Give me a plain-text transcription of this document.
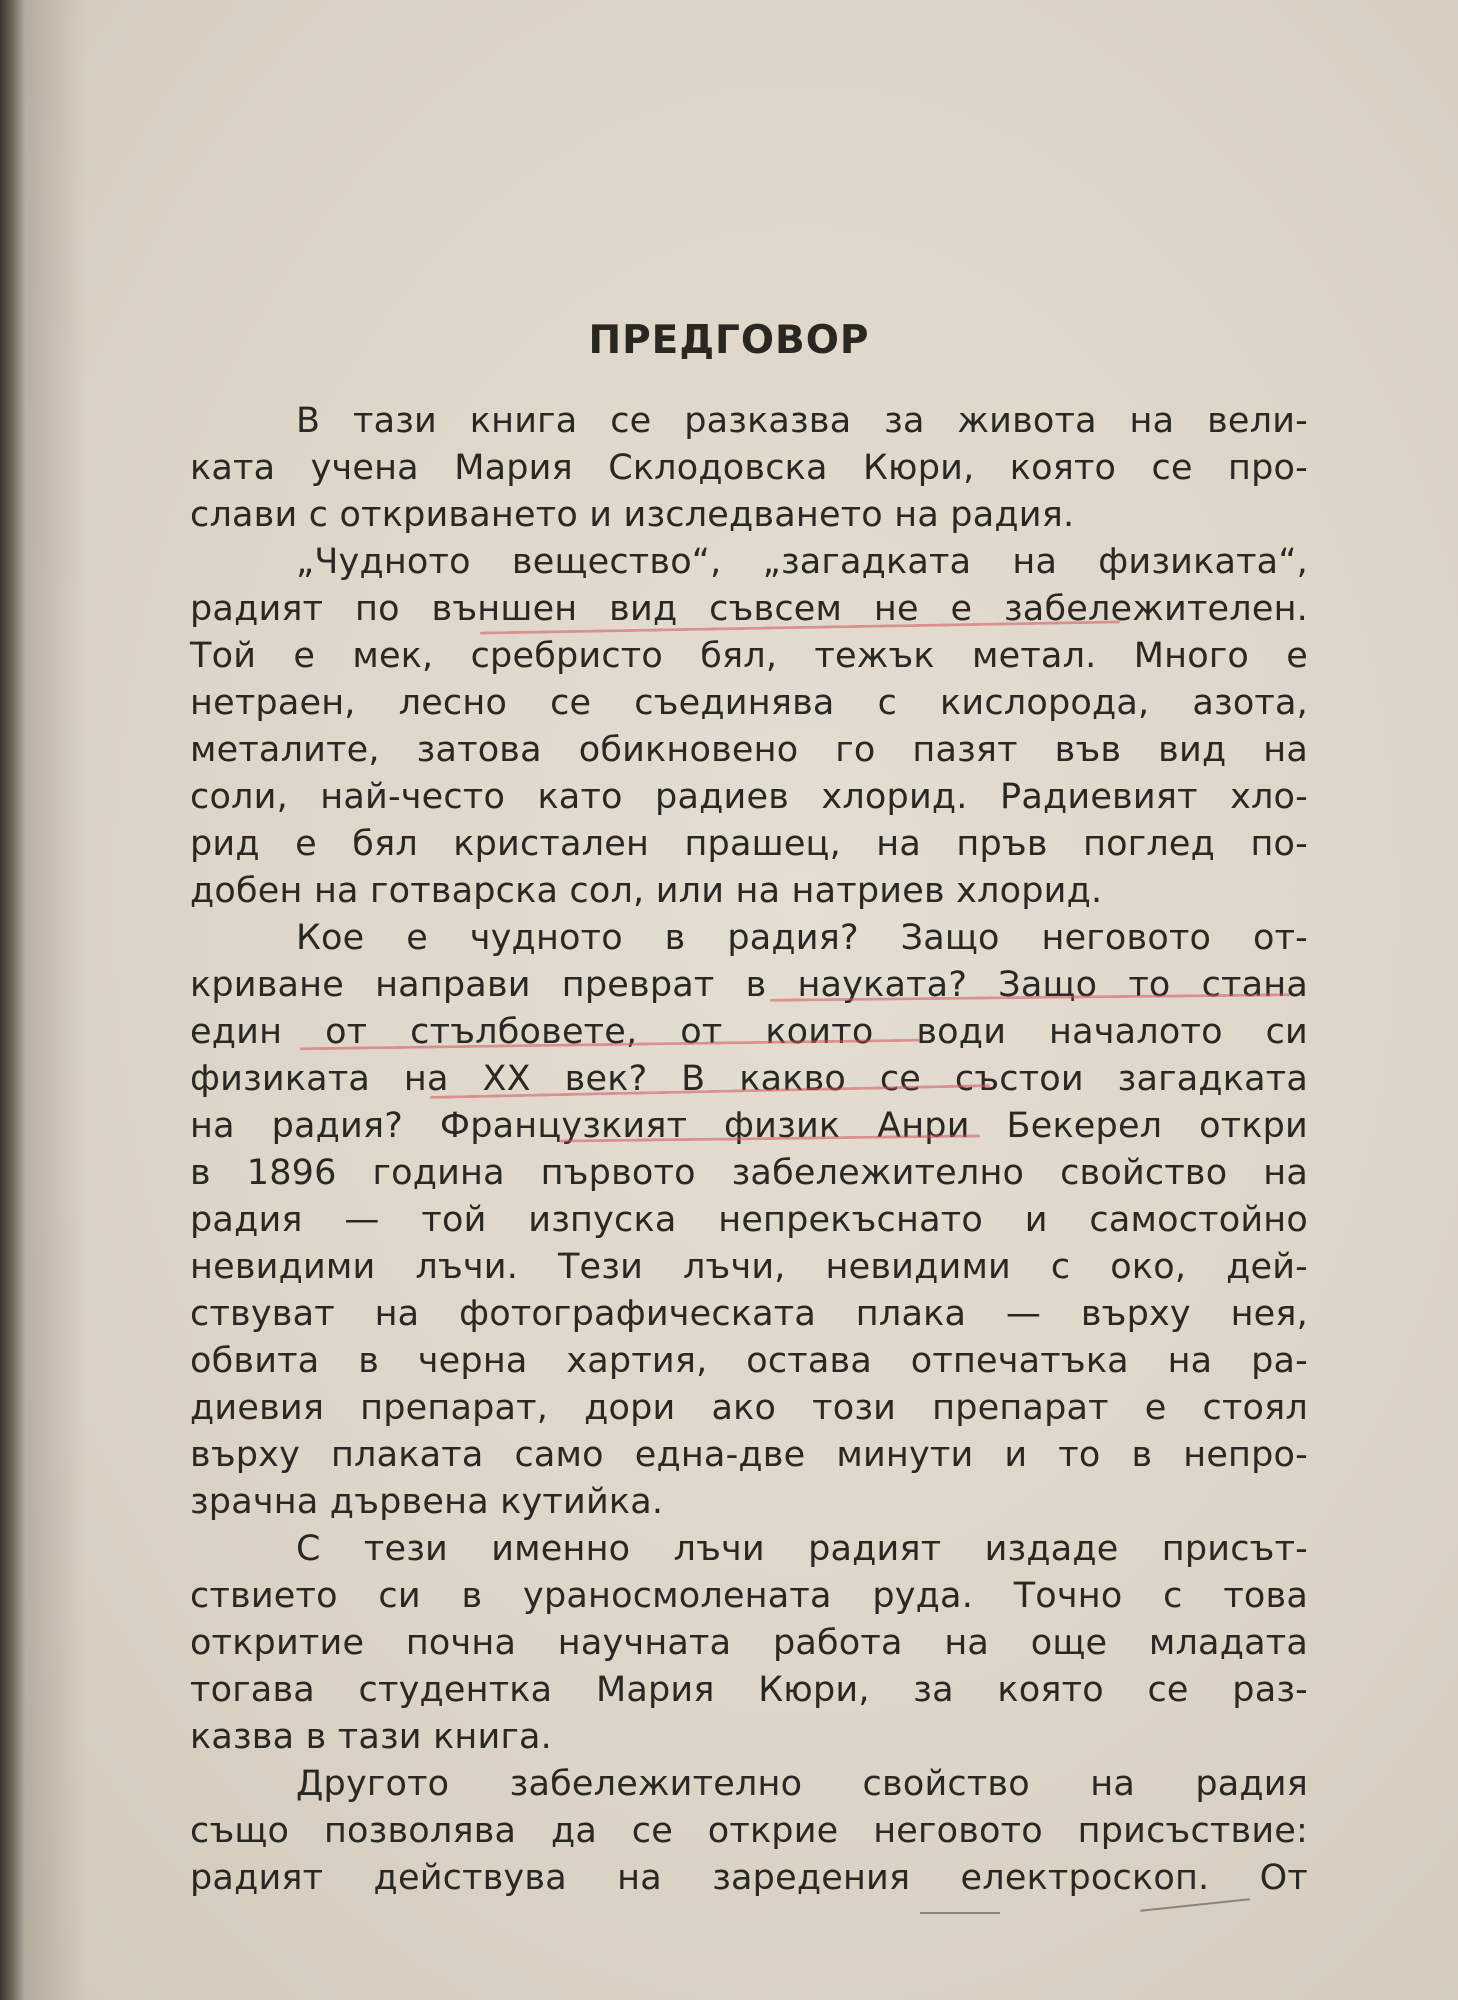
ПРЕДГОВОР
В тази книга се разказва за живота на вели-
ката учена Мария Склодовска Кюри, която се про-
слави с откриването и изследването на радия.
„Чудното вещество“, „загадката на физиката“,
радият по външен вид съвсем не е забележителен.
Той е мек, сребристо бял, тежък метал. Много е
нетраен, лесно се съединява с кислорода, азота,
металите, затова обикновено го пазят във вид на
соли, най-често като радиев хлорид. Радиевият хло-
рид е бял кристален прашец, на пръв поглед по-
добен на готварска сол, или на натриев хлорид.
Кое е чудното в радия? Защо неговото от-
криване направи преврат в науката? Защо то стана
един от стълбовете, от които води началото си
физиката на XX век? В какво се състои загадката
на радия? Французкият физик Анри Бекерел откри
в 1896 година първото забележително свойство на
радия — той изпуска непрекъснато и самостойно
невидими лъчи. Тези лъчи, невидими с око, дей-
ствуват на фотографическата плака — върху нея,
обвита в черна хартия, остава отпечатъка на ра-
диевия препарат, дори ако този препарат е стоял
върху плаката само една-две минути и то в непро-
зрачна дървена кутийка.
С тези именно лъчи радият издаде присът-
ствието си в ураносмолената руда. Точно с това
откритие почна научната работа на още младата
тогава студентка Мария Кюри, за която се раз-
казва в тази книга.
Другото забележително свойство на радия
също позволява да се открие неговото присъствие:
радият действува на заредения електроскоп. От
